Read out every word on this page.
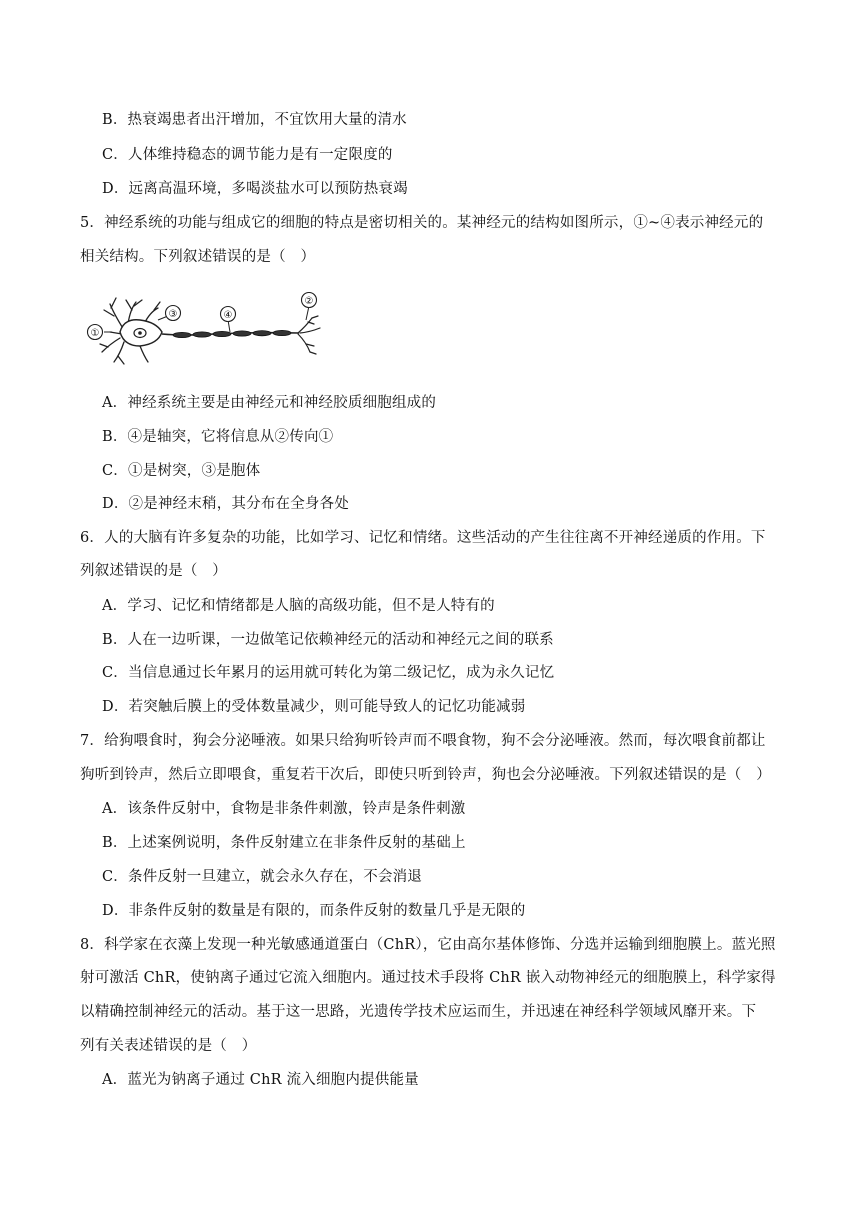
B．热衰竭患者出汗增加，不宜饮用大量的清水
C．人体维持稳态的调节能力是有一定限度的
D．远离高温环境，多喝淡盐水可以预防热衰竭
5．神经系统的功能与组成它的细胞的特点是密切相关的。某神经元的结构如图所示，①~④表示神经元的
相关结构。下列叙述错误的是（　）
①
②
③	④
A．神经系统主要是由神经元和神经胶质细胞组成的
B．④是轴突，它将信息从②传向①
C．①是树突，③是胞体
D．②是神经末稍，其分布在全身各处
6．人的大脑有许多复杂的功能，比如学习、记忆和情绪。这些活动的产生往往离不开神经递质的作用。下
列叙述错误的是（　）
A．学习、记忆和情绪都是人脑的高级功能，但不是人特有的
B．人在一边听课，一边做笔记依赖神经元的活动和神经元之间的联系
C．当信息通过长年累月的运用就可转化为第二级记忆，成为永久记忆
D．若突触后膜上的受体数量减少，则可能导致人的记忆功能减弱
7．给狗喂食时，狗会分泌唾液。如果只给狗听铃声而不喂食物，狗不会分泌唾液。然而，每次喂食前都让
狗听到铃声，然后立即喂食，重复若干次后，即使只听到铃声，狗也会分泌唾液。下列叙述错误的是（　）
A．该条件反射中，食物是非条件刺激，铃声是条件刺激
B．上述案例说明，条件反射建立在非条件反射的基础上
C．条件反射一旦建立，就会永久存在，不会消退
D．非条件反射的数量是有限的，而条件反射的数量几乎是无限的
8．科学家在衣藻上发现一种光敏感通道蛋白（ChR），它由高尔基体修饰、分选并运输到细胞膜上。蓝光照
射可激活 ChR，使钠离子通过它流入细胞内。通过技术手段将 ChR 嵌入动物神经元的细胞膜上，科学家得
以精确控制神经元的活动。基于这一思路，光遗传学技术应运而生，并迅速在神经科学领域风靡开来。下
列有关表述错误的是（　）
A．蓝光为钠离子通过 ChR 流入细胞内提供能量
